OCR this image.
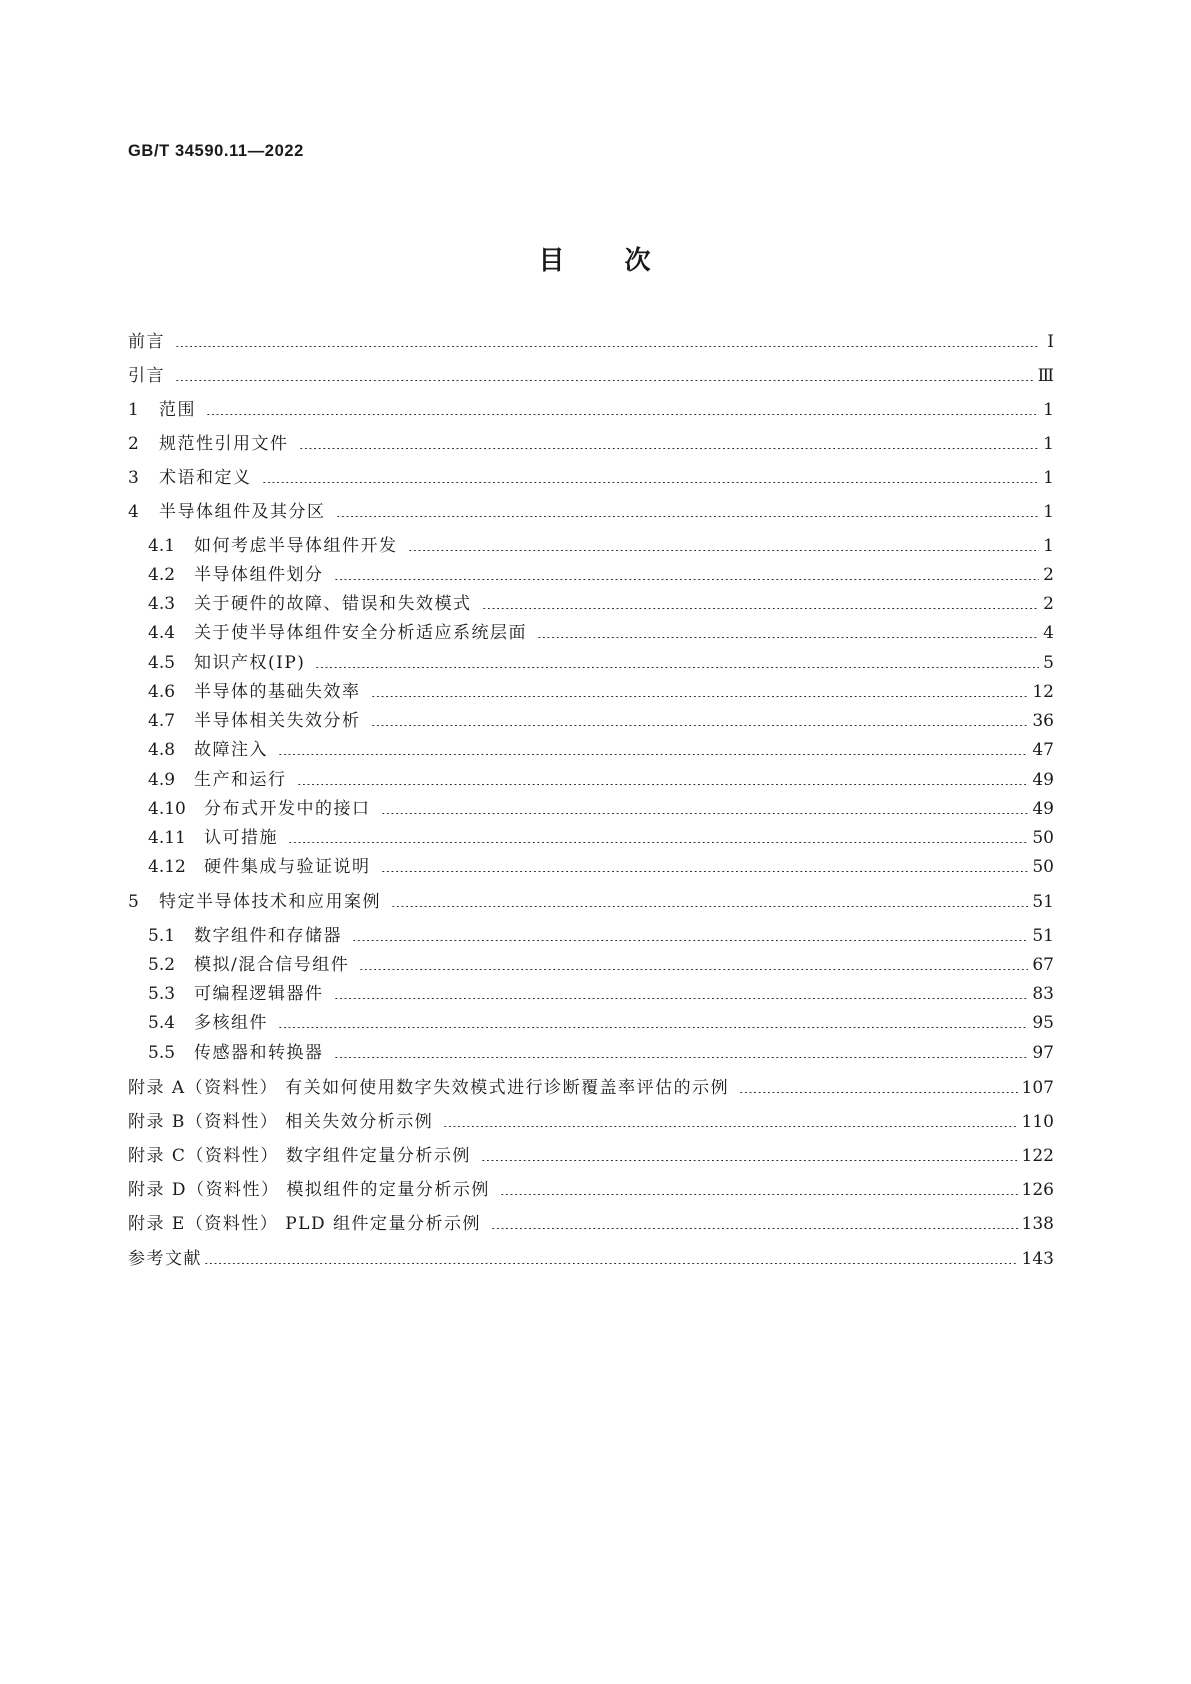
GB/T 34590.11—2022
目 次
前言	Ⅰ
引言	Ⅲ
1	范围	1
2	规范性引用文件	1
3	术语和定义	1
4	半导体组件及其分区	1
4.1	如何考虑半导体组件开发	1
4.2	半导体组件划分	2
4.3	关于硬件的故障、错误和失效模式	2
4.4	关于使半导体组件安全分析适应系统层面	4
4.5	知识产权(IP)	5
4.6	半导体的基础失效率	12
4.7	半导体相关失效分析	36
4.8	故障注入	47
4.9	生产和运行	49
4.10	分布式开发中的接口	49
4.11	认可措施	50
4.12	硬件集成与验证说明	50
5	特定半导体技术和应用案例	51
5.1	数字组件和存储器	51
5.2	模拟/混合信号组件	67
5.3	可编程逻辑器件	83
5.4	多核组件	95
5.5	传感器和转换器	97
附录 A（资料性） 有关如何使用数字失效模式进行诊断覆盖率评估的示例	107
附录 B（资料性） 相关失效分析示例	110
附录 C（资料性） 数字组件定量分析示例	122
附录 D（资料性） 模拟组件的定量分析示例	126
附录 E（资料性） PLD 组件定量分析示例	138
参考文献	143
